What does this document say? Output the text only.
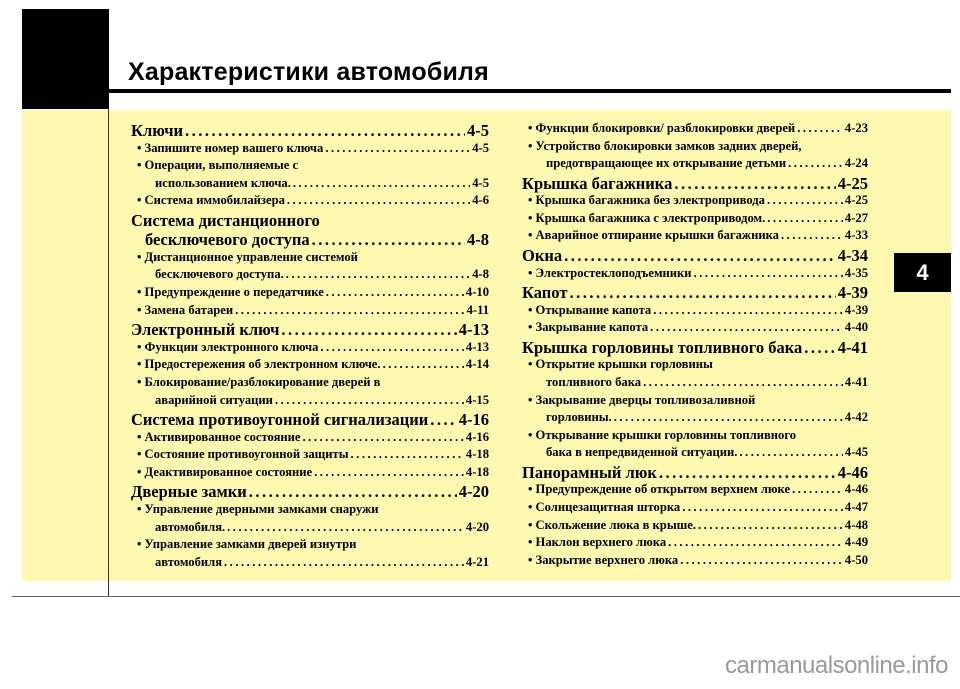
Характеристики автомобиля
4
Ключи .....	4-5
• Запишите номер вашего ключа .....	4-5
• Операции, выполняемые с
использованием ключа. .....	4-5
• Система иммобилайзера .....	4-6
Система дистанционного
бесключевого доступа .....	4-8
• Дистанционное управление системой
бесключевого доступа. .....	4-8
• Предупреждение о передатчике .....	4-10
• Замена батареи .....	4-11
Электронный ключ .....	4-13
• Функции электронного ключа .....	4-13
• Предостережения об электронном ключе. .....	4-14
• Блокирование/разблокирование дверей в
аварийной ситуации .....	4-15
Система противоугонной сигнализации ..... 4-16
• Активированное состояние .....	4-16
• Состояние противоугонной защиты .....	4-18
• Деактивированное состояние .....	4-18
Дверные замки .....	4-20
• Управление дверными замками снаружи
автомобиля. .....	4-20
• Управление замками дверей изнутри
автомобиля .....	4-21
• Функции блокировки/ разблокировки дверей .....	4-23
• Устройство блокировки замков задних дверей,
предотвращающее их открывание детьми .....	4-24
Крышка багажника .....	4-25
• Крышка багажника без электропривода .....	4-25
• Крышка багажника с электроприводом. .....	4-27
• Аварийное отпирание крышки багажника .....	4-33
Окна .....	4-34
• Электростеклоподъемники .....	4-35
Капот .....	4-39
• Открывание капота .....	4-39
• Закрывание капота .....	4-40
Крышка горловины топливного бака ..... 4-41
• Открытие крышки горловины
топливного бака .....	4-41
• Закрывание дверцы топливозаливной
горловины. .....	4-42
• Открывание крышки горловины топливного
бака в непредвиденной ситуации. .....	4-45
Панорамный люк .....	4-46
• Предупреждение об открытом верхнем люке .....	4-46
• Солнцезащитная шторка .....	4-47
• Скольжение люка в крыше. .....	4-48
• Наклон верхнего люка .....	4-49
• Закрытие верхнего люка .....	4-50
carmanualsonline.info
